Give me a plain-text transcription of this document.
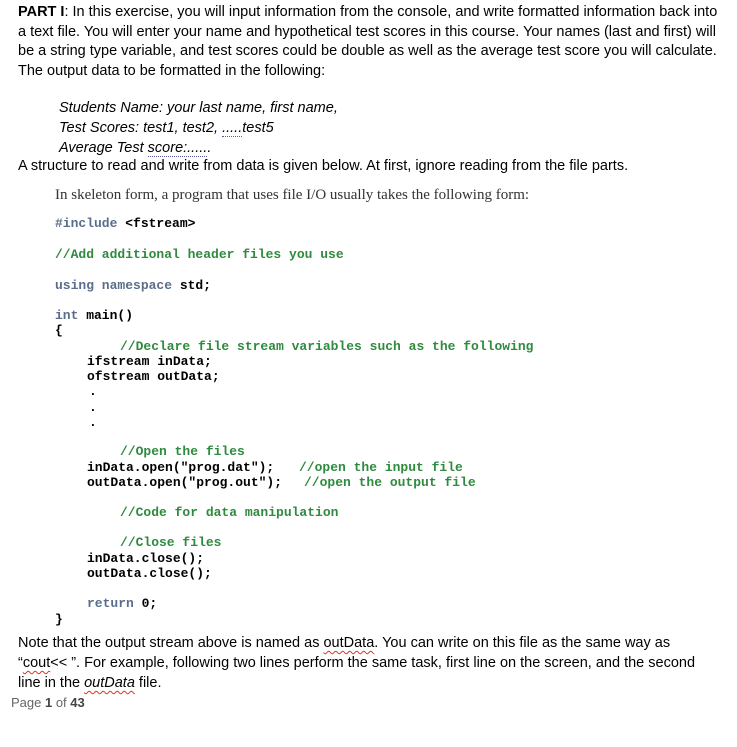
PART I: In this exercise, you will input information from the console, and write formatted information back into a text file. You will enter your name and hypothetical test scores in this course. Your names (last and first) will be a string type variable, and test scores could be double as well as the average test score you will calculate. The output data to be formatted in the following:
Students Name: your last name, first name,
Test Scores: test1, test2, .....test5
Average Test score:......
A structure to read and write from data is given below. At first, ignore reading from the file parts.
In skeleton form, a program that uses file I/O usually takes the following form:
#include <fstream>
//Add additional header files you use
using namespace std;
int main()
{
//Declare file stream variables such as the following
ifstream inData;
ofstream outData;
.
.
.
//Open the files
inData.open("prog.dat"); //open the input file
outData.open("prog.out"); //open the output file
//Code for data manipulation
//Close files
inData.close();
outData.close();
return 0;
}
Note that the output stream above is named as outData. You can write on this file as the same way as
“cout<< ”. For example, following two lines perform the same task, first line on the screen, and the second
line in the outData file.
Page 1 of 43
